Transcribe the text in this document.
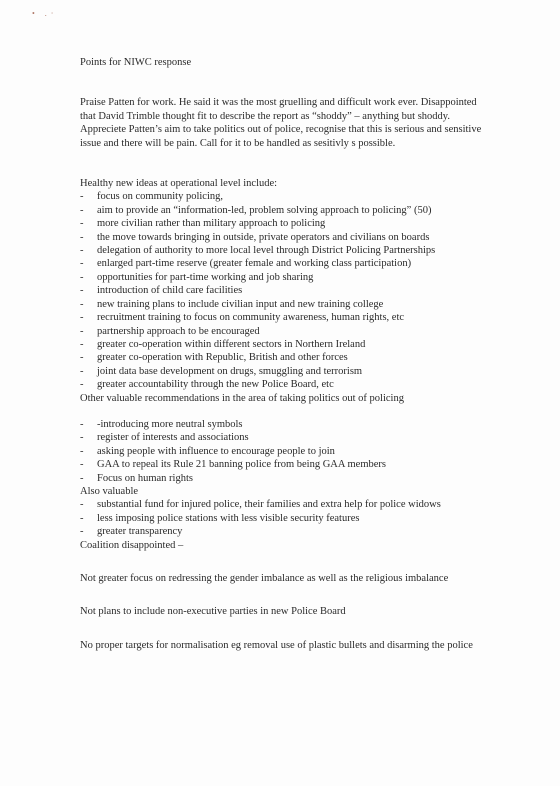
• .·

Points for NIWC response

Praise Patten for work. He said it was the most gruelling and difficult work ever. Disappointed that David Trimble thought fit to describe the report as “shoddy” – anything but shoddy. Appreciete Patten’s aim to take politics out of police, recognise that this is serious and sensitive issue and there will be pain. Call for it to be handled as sesitivly s possible.

Healthy new ideas at operational level include:

- focus on community policing,
- aim to provide an “information-led, problem solving approach to policing” (50)
- more civilian rather than military approach to policing
- the move towards bringing in outside, private operators and civilians on boards
- delegation of authority to more local level through District Policing Partnerships
- enlarged part-time reserve (greater female and working class participation)
- opportunities for part-time working and job sharing
- introduction of child care facilities
- new training plans to include civilian input and new training college
- recruitment training to focus on community awareness, human rights, etc
- partnership approach to be encouraged
- greater co-operation within different sectors in Northern Ireland
- greater co-operation with Republic, British and other forces
- joint data base development on drugs, smuggling and terrorism
- greater accountability through the new Police Board, etc

Other valuable recommendations in the area of taking politics out of policing

- -introducing more neutral symbols
- register of interests and associations
- asking people with influence to encourage people to join
- GAA to repeal its Rule 21 banning police from being GAA members
- Focus on human rights

Also valuable

- substantial fund for injured police, their families and extra help for police widows
- less imposing police stations with less visible security features
- greater transparency

Coalition disappointed –

Not greater focus on redressing the gender imbalance as well as the religious imbalance

Not plans to include non-executive parties in new Police Board

No proper targets for normalisation eg removal use of plastic bullets and disarming the police
